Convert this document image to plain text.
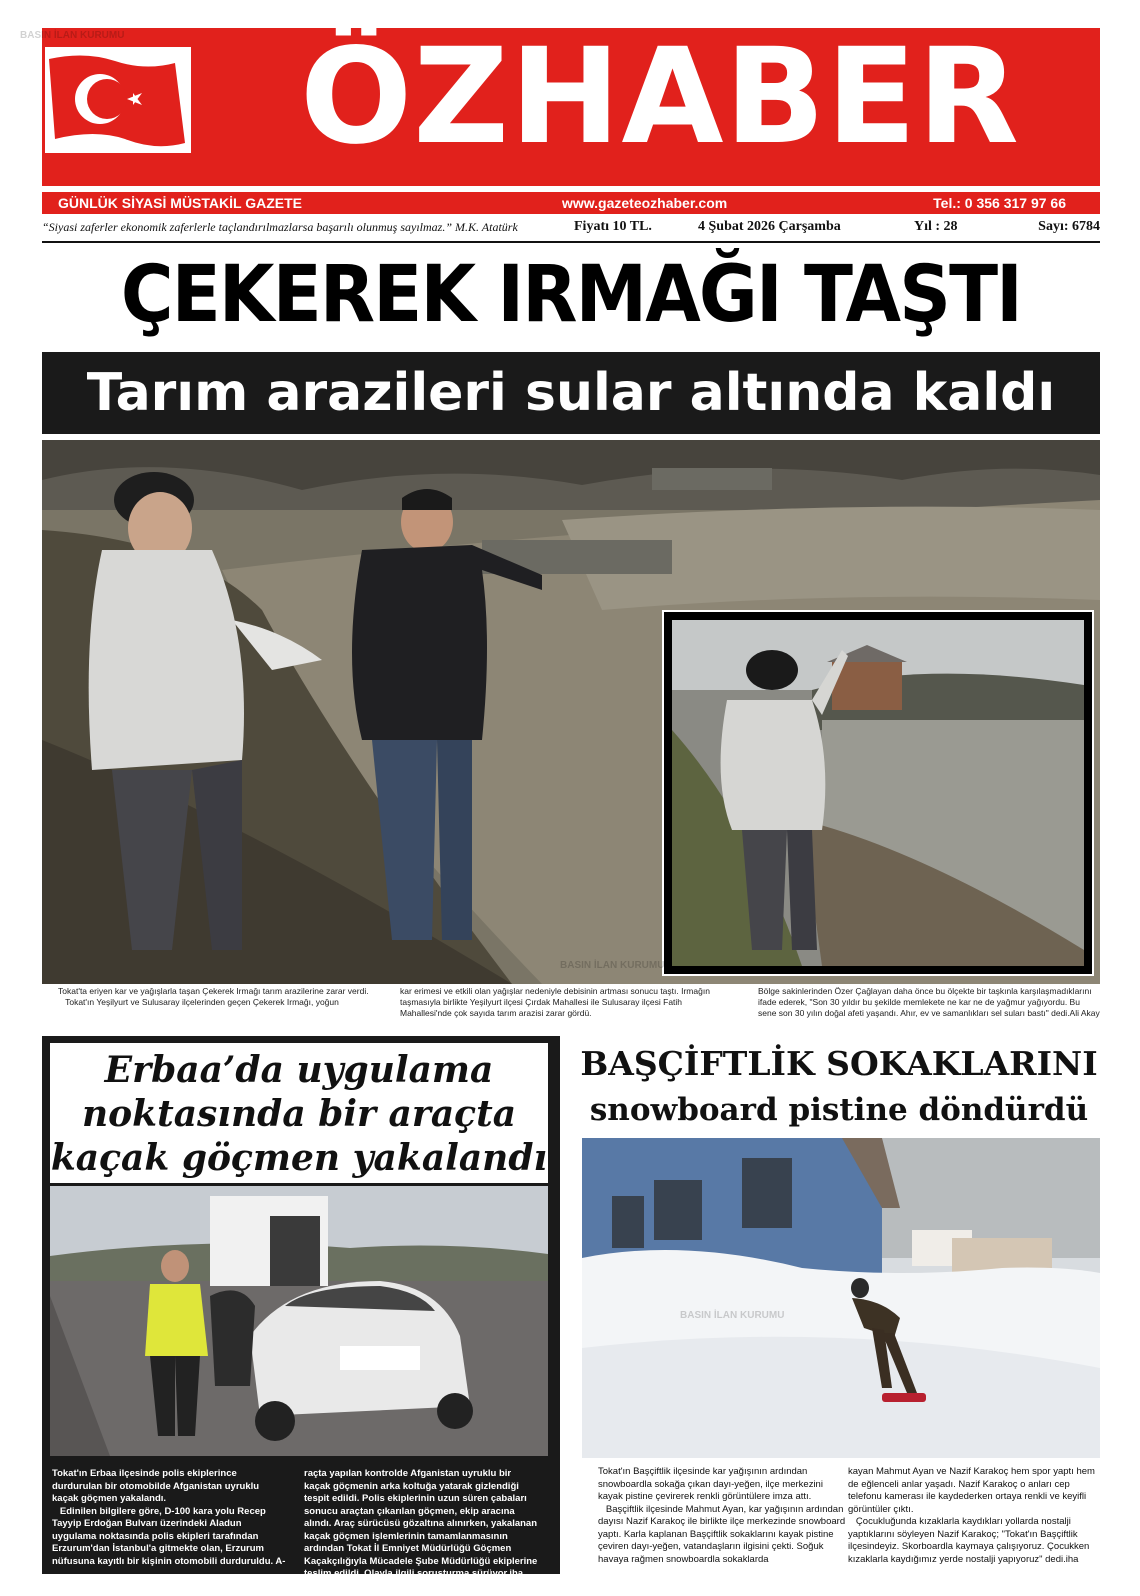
ÖZHABER
GÜNLÜK SİYASİ MÜSTAKİL GAZETE	www.gazeteozhaber.com	Tel.: 0 356 317 97 66
“Siyasi zaferler ekonomik zaferlerle taçlandırılmazlarsa başarılı olunmuş sayılmaz.” M.K. Atatürk	Fiyatı 10 TL.	4 Şubat 2026 Çarşamba	Yıl : 28	Sayı: 6784
ÇEKEREK IRMAĞI TAŞTI
Tarım arazileri sular altında kaldı
Tokat'ta eriyen kar ve yağışlarla taşan Çekerek Irmağı tarım arazilerine zarar verdi.
Tokat'ın Yeşilyurt ve Sulusaray ilçelerinden geçen Çekerek Irmağı, yoğun
kar erimesi ve etkili olan yağışlar nedeniyle debisinin artması sonucu taştı. Irmağın taşmasıyla birlikte Yeşilyurt ilçesi Çırdak Mahallesi ile Sulusaray ilçesi Fatih Mahallesi'nde çok sayıda tarım arazisi zarar gördü.
Bölge sakinlerinden Özer Çağlayan daha önce bu ölçekte bir taşkınla karşılaşmadıklarını ifade ederek, "Son 30 yıldır bu şekilde memlekete ne kar ne de yağmur yağıyordu. Bu sene son 30 yılın doğal afeti yaşandı. Ahır, ev ve samanlıkları sel suları bastı" dedi.Ali Akay
Erbaa’da uygulama noktasında bir araçta kaçak göçmen yakalandı
Tokat'ın Erbaa ilçesinde polis ekiplerince durdurulan bir otomobilde Afganistan uyruklu kaçak göçmen yakalandı.
Edinilen bilgilere göre, D-100 kara yolu Recep Tayyip Erdoğan Bulvarı üzerindeki Aladun uygulama noktasında polis ekipleri tarafından Erzurum'dan İstanbul'a gitmekte olan, Erzurum nüfusuna kayıtlı bir kişinin otomobili durduruldu. A-
raçta yapılan kontrolde Afganistan uyruklu bir kaçak göçmenin arka koltuğa yatarak gizlendiği tespit edildi. Polis ekiplerinin uzun süren çabaları sonucu araçtan çıkarılan göçmen, ekip aracına alındı. Araç sürücüsü gözaltına alınırken, yakalanan kaçak göçmen işlemlerinin tamamlanmasının ardından Tokat İl Emniyet Müdürlüğü Göçmen Kaçakçılığıyla Mücadele Şube Müdürlüğü ekiplerine teslim edildi. Olayla ilgili soruşturma sürüyor.iha
BAŞÇİFTLİK SOKAKLARINI
snowboard pistine döndürdü
Tokat'ın Başçiftlik ilçesinde kar yağışının ardından snowboardla sokağa çıkan dayı-yeğen, ilçe merkezini kayak pistine çevirerek renkli görüntülere imza attı.
Başçiftlik ilçesinde Mahmut Ayan, kar yağışının ardından dayısı Nazif Karakoç ile birlikte ilçe merkezinde snowboard yaptı. Karla kaplanan Başçiftlik sokaklarını kayak pistine çeviren dayı-yeğen, vatandaşların ilgisini çekti. Soğuk havaya rağmen snowboardla sokaklarda
kayan Mahmut Ayan ve Nazif Karakoç hem spor yaptı hem de eğlenceli anlar yaşadı. Nazif Karakoç o anları cep telefonu kamerası ile kaydederken ortaya renkli ve keyifli görüntüler çıktı.
Çocukluğunda kızaklarla kaydıkları yollarda nostalji yaptıklarını söyleyen Nazif Karakoç; "Tokat'ın Başçiftlik ilçesindeyiz. Skorboardla kaymaya çalışıyoruz. Çocukken kızaklarla kaydığımız yerde nostalji yapıyoruz" dedi.iha
BASIN İLAN KURUMU
BASIN İLAN KURUMU
BASIN İLAN KURUMU
